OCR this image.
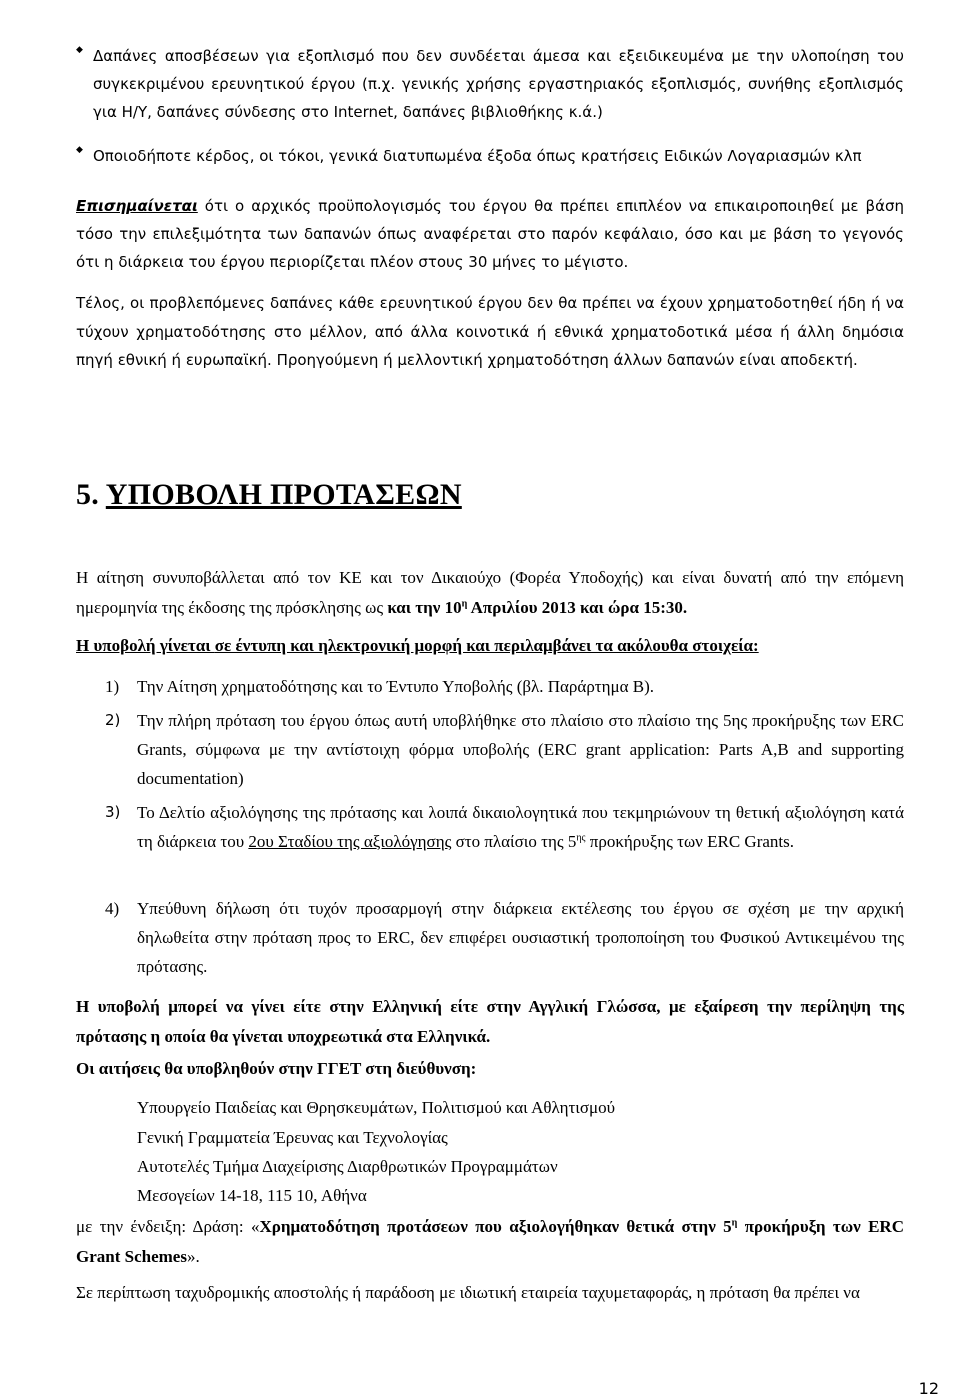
◆ Δαπάνες αποσβέσεων για εξοπλισμό που δεν συνδέεται άμεσα και εξειδικευμένα με την υλοποίηση του συγκεκριμένου ερευνητικού έργου (π.χ. γενικής χρήσης εργαστηριακός εξοπλισμός, συνήθης εξοπλισμός για Η/Υ, δαπάνες σύνδεσης στο Internet, δαπάνες βιβλιοθήκης κ.ά.)

◆ Οποιοδήποτε κέρδος, οι τόκοι, γενικά διατυπωμένα έξοδα όπως κρατήσεις Ειδικών Λογαριασμών κλπ

Επισημαίνεται ότι ο αρχικός προϋπολογισμός του έργου θα πρέπει επιπλέον να επικαιροποιηθεί με βάση τόσο την επιλεξιμότητα των δαπανών όπως αναφέρεται στο παρόν κεφάλαιο, όσο και με βάση το γεγονός ότι η διάρκεια του έργου περιορίζεται πλέον στους 30 μήνες το μέγιστο.

Τέλος, οι προβλεπόμενες δαπάνες κάθε ερευνητικού έργου δεν θα πρέπει να έχουν χρηματοδοτηθεί ήδη ή να τύχουν χρηματοδότησης στο μέλλον, από άλλα κοινοτικά ή εθνικά χρηματοδοτικά μέσα ή άλλη δημόσια πηγή εθνική ή ευρωπαϊκή. Προηγούμενη ή μελλοντική χρηματοδότηση άλλων δαπανών είναι αποδεκτή.

5. ΥΠΟΒΟΛΗ ΠΡΟΤΑΣΕΩΝ

Η αίτηση συνυποβάλλεται από τον ΚΕ και τον Δικαιούχο (Φορέα Υποδοχής) και είναι δυνατή από την επόμενη ημερομηνία της έκδοσης της πρόσκλησης ως και την $10^\eta$ Απριλίου 2013 και ώρα 15:30.

Η υποβολή γίνεται σε έντυπη και ηλεκτρονική μορφή και περιλαμβάνει τα ακόλουθα στοιχεία:

1) Την Αίτηση χρηματοδότησης και το Έντυπο Υποβολής (βλ. Παράρτημα Β).

2) Την πλήρη πρόταση του έργου όπως αυτή υποβλήθηκε στο πλαίσιο στο πλαίσιο της 5ης προκήρυξης των ERC Grants, σύμφωνα με την αντίστοιχη φόρμα υποβολής (ERC grant application: Parts A,B and supporting documentation)

3) Το Δελτίο αξιολόγησης της πρότασης και λοιπά δικαιολογητικά που τεκμηριώνουν τη θετική αξιολόγηση κατά τη διάρκεια του 2ου Σταδίου της αξιολόγησης στο πλαίσιο της $5^{\eta\varsigma}$ προκήρυξης των ERC Grants.

4) Υπεύθυνη δήλωση ότι τυχόν προσαρμογή στην διάρκεια εκτέλεσης του έργου σε σχέση με την αρχική δηλωθείτα στην πρόταση προς το ERC, δεν επιφέρει ουσιαστική τροποποίηση του Φυσικού Αντικειμένου της πρότασης.

Η υποβολή μπορεί να γίνει είτε στην Ελληνική είτε στην Αγγλική Γλώσσα, με εξαίρεση την περίληψη της πρότασης η οποία θα γίνεται υποχρεωτικά στα Ελληνικά.

Οι αιτήσεις θα υποβληθούν στην ΓΓΕΤ στη διεύθυνση:

Υπουργείο Παιδείας και Θρησκευμάτων, Πολιτισμού και Αθλητισμού

Γενική Γραμματεία Έρευνας και Τεχνολογίας

Αυτοτελές Τμήμα Διαχείρισης Διαρθρωτικών Προγραμμάτων

Μεσογείων 14-18, 115 10, Αθήνα

με την ένδειξη: Δράση: «Χρηματοδότηση προτάσεων που αξιολογήθηκαν θετικά στην $5^\eta$ προκήρυξη των ERC Grant Schemes».

Σε περίπτωση ταχυδρομικής αποστολής ή παράδοση με ιδιωτική εταιρεία ταχυμεταφοράς, η πρόταση θα πρέπει να

12
